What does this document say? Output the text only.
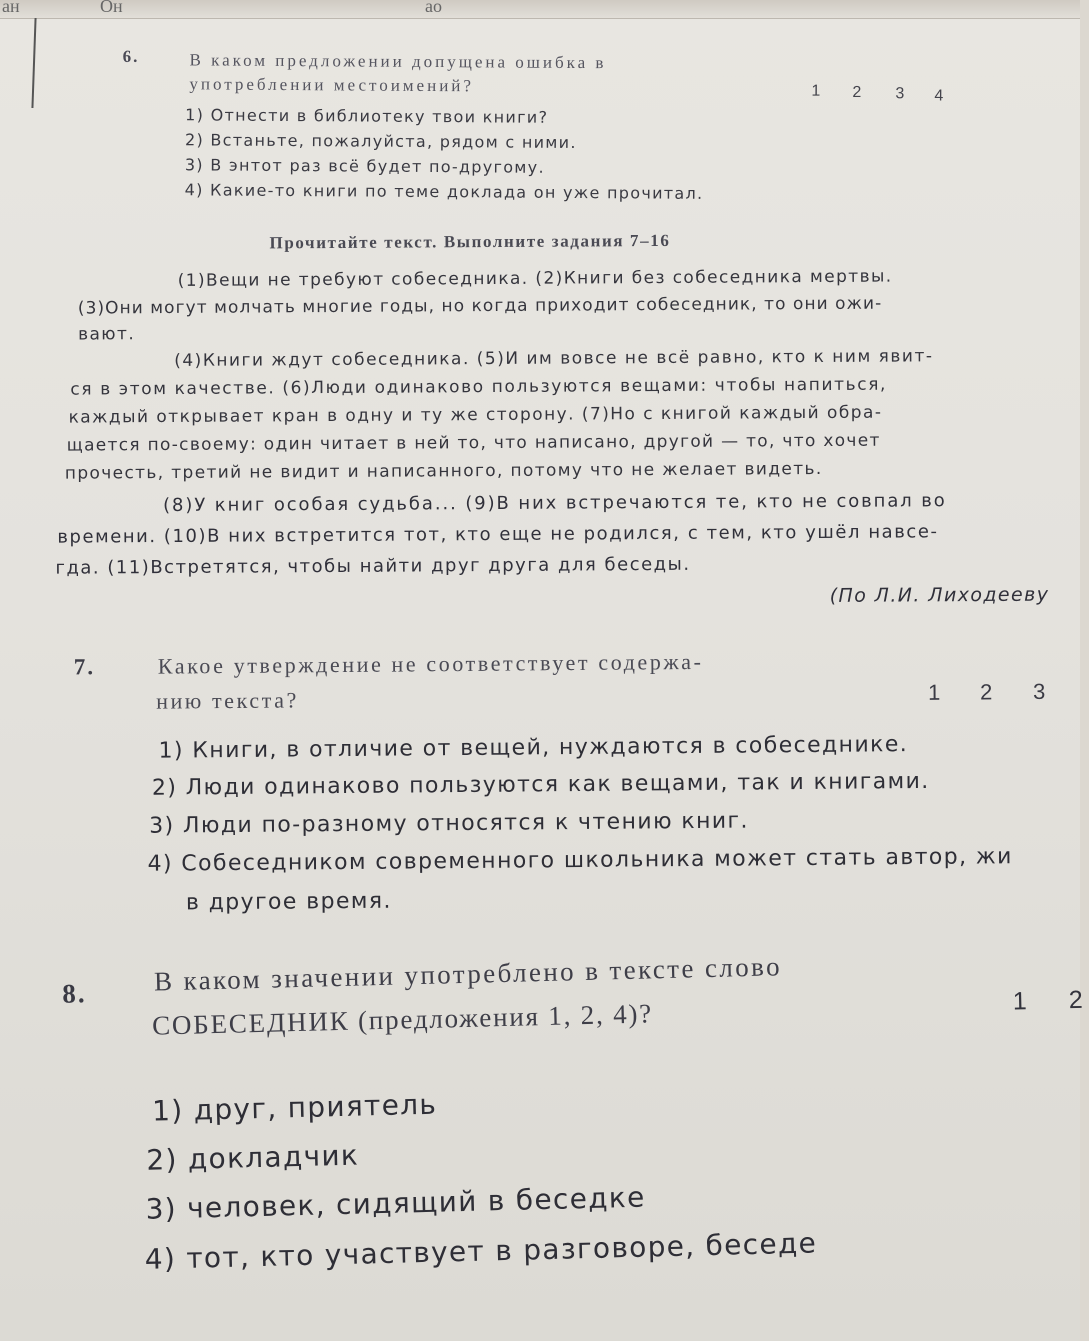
ан	Он	ао
6.	В каком предложении допущена ошибка в
употреблении местоимений?	1 2 3 4
1) Отнести в библиотеку твои книги?
2) Встаньте, пожалуйста, рядом с ними.
3) В энтот раз всё будет по-другому.
4) Какие-то книги по теме доклада он уже прочитал.
Прочитайте текст. Выполните задания 7–16
(1)Вещи не требуют собеседника. (2)Книги без собеседника мертвы.
(3)Они могут молчать многие годы, но когда приходит собеседник, то они ожи-
вают.
(4)Книги ждут собеседника. (5)И им вовсе не всё равно, кто к ним явит-
ся в этом качестве. (6)Люди одинаково пользуются вещами: чтобы напиться,
каждый открывает кран в одну и ту же сторону. (7)Но с книгой каждый обра-
щается по-своему: один читает в ней то, что написано, другой — то, что хочет
прочесть, третий не видит и написанного, потому что не желает видеть.
(8)У книг особая судьба... (9)В них встречаются те, кто не совпал во
времени. (10)В них встретится тот, кто еще не родился, с тем, кто ушёл навсе-
гда. (11)Встретятся, чтобы найти друг друга для беседы.
(По Л.И. Лиходееву
7.	Какое утверждение не соответствует содержа-
нию текста?	1 2 3
1) Книги, в отличие от вещей, нуждаются в собеседнике.
2) Люди одинаково пользуются как вещами, так и книгами.
3) Люди по-разному относятся к чтению книг.
4) Собеседником современного школьника может стать автор, жи
в другое время.
8. В каком значении употреблено в тексте слово
СОБЕСЕДНИК (предложения 1, 2, 4)?	1 2
1) друг, приятель
2) докладчик
3) человек, сидящий в беседке
4) тот, кто участвует в разговоре, беседе
